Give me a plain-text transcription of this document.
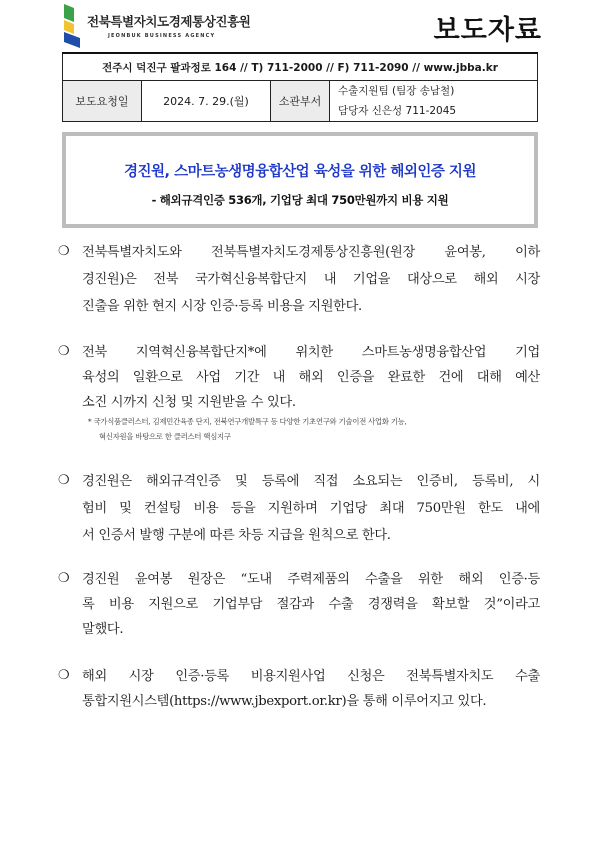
전북특별자치도경제통상진흥원
JEONBUK BUSINESS AGENCY	보도자료
전주시 덕진구 팔과정로 164 // T) 711-2000 // F) 711-2090 // www.jbba.kr
보도요청일	2024. 7. 29.(월)	소관부서	
수출지원팀 (팀장 송남철)
담당자 신은성 711-2045
경진원, 스마트농생명융합산업 육성을 위한 해외인증 지원
- 해외규격인증 536개, 기업당 최대 750만원까지 비용 지원
❍ 전북특별자치도와 전북특별자치도경제통상진흥원(원장 윤여봉, 이하
경진원)은 전북 국가혁신융복합단지 내 기업을 대상으로 해외 시장
진출을 위한 현지 시장 인증·등록 비용을 지원한다.
❍ 전북 지역혁신융복합단지*에 위치한 스마트농생명융합산업 기업
육성의 일환으로 사업 기간 내 해외 인증을 완료한 건에 대해 예산
소진 시까지 신청 및 지원받을 수 있다.
* 국가식품클러스터, 김제민간육종 단지, 전북연구개발특구 등 다양한 기초연구와 기술이전 사업화 기능,
혁신자원을 바탕으로 한 클러스터 핵심지구
❍ 경진원은 해외규격인증 및 등록에 직접 소요되는 인증비, 등록비, 시
험비 및 컨설팅 비용 등을 지원하며 기업당 최대 750만원 한도 내에
서 인증서 발행 구분에 따른 차등 지급을 원칙으로 한다.
❍ 경진원 윤여봉 원장은 “도내 주력제품의 수출을 위한 해외 인증·등
록 비용 지원으로 기업부담 절감과 수출 경쟁력을 확보할 것”이라고
말했다.
❍ 해외 시장 인증·등록 비용지원사업 신청은 전북특별자치도 수출
통합지원시스템(https://www.jbexport.or.kr)을 통해 이루어지고 있다.
